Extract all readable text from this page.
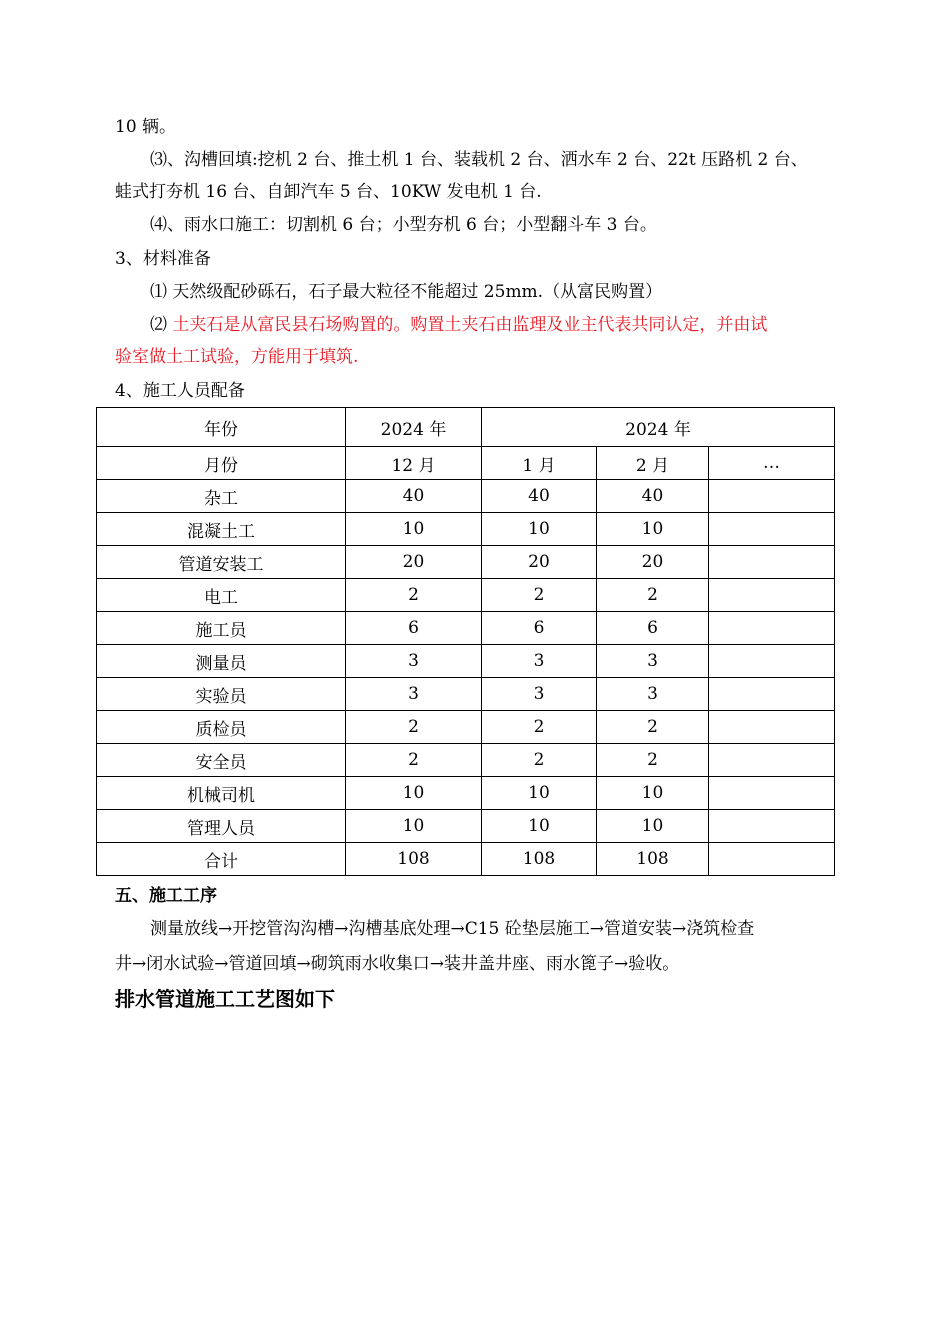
10 辆。
⑶、沟槽回填:挖机 2 台、推土机 1 台、装载机 2 台、洒水车 2 台、22t 压路机 2 台、
蛙式打夯机 16 台、自卸汽车 5 台、10KW 发电机 1 台.
⑷、雨水口施工：切割机 6 台；小型夯机 6 台；小型翻斗车 3 台。
3、材料准备
⑴ 天然级配砂砾石，石子最大粒径不能超过 25mm.（从富民购置）
⑵ 土夹石是从富民县石场购置的。购置土夹石由监理及业主代表共同认定，并由试
验室做土工试验，方能用于填筑.
4、施工人员配备
年份	2024 年	2024 年		
月份	12 月	1 月	2 月	…
杂工	40	40	40	
混凝土工	10	10	10	
管道安装工	20	20	20	
电工	2	2	2	
施工员	6	6	6	
测量员	3	3	3	
实验员	3	3	3	
质检员	2	2	2	
安全员	2	2	2	
机械司机	10	10	10	
管理人员	10	10	10	
合计	108	108	108	
五、施工工序
测量放线→开挖管沟沟槽→沟槽基底处理→C15 砼垫层施工→管道安装→浇筑检查
井→闭水试验→管道回填→砌筑雨水收集口→装井盖井座、雨水篦子→验收。
排水管道施工工艺图如下
